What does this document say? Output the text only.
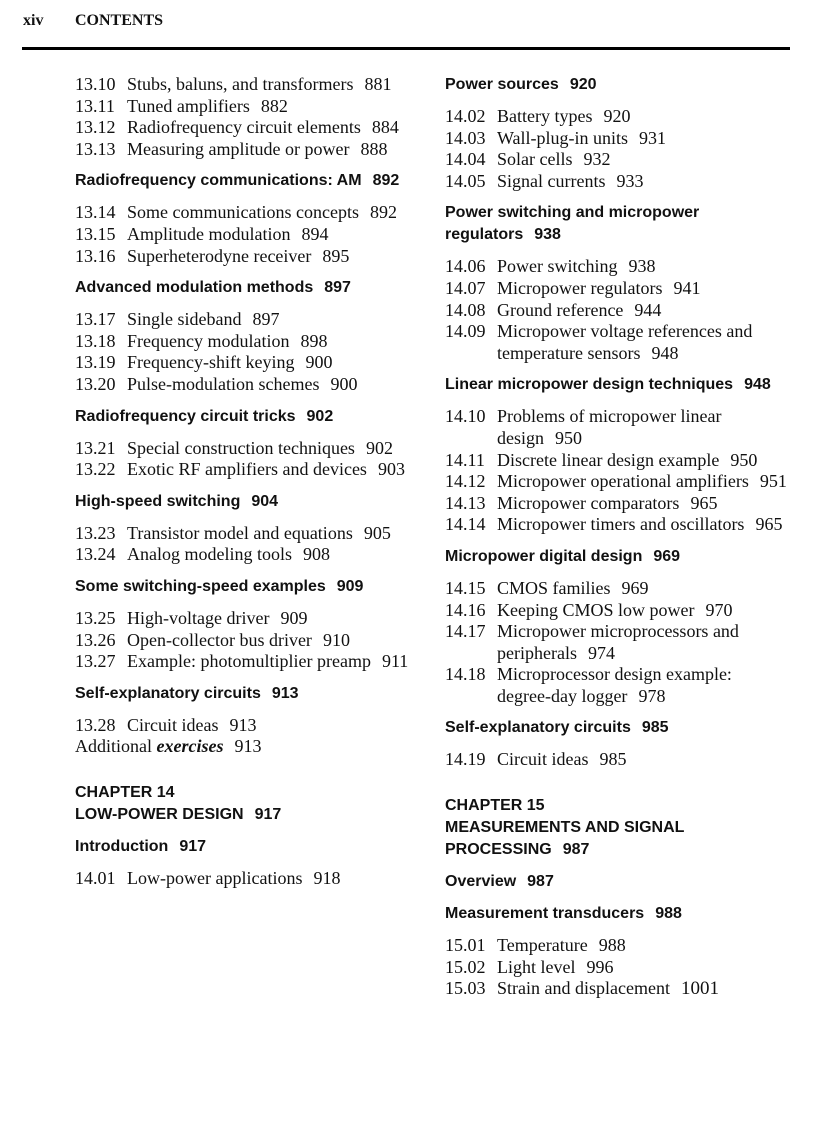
xiv CONTENTS

13.10 Stubs, baluns, and transformers 881

13.11 Tuned amplifiers 882

13.12 Radiofrequency circuit elements 884

13.13 Measuring amplitude or power 888

Radiofrequency communications: AM 892

13.14 Some communications concepts 892

13.15 Amplitude modulation 894

13.16 Superheterodyne receiver 895

Advanced modulation methods 897

13.17 Single sideband 897

13.18 Frequency modulation 898

13.19 Frequency-shift keying 900

13.20 Pulse-modulation schemes 900

Radiofrequency circuit tricks 902

13.21 Special construction techniques 902

13.22 Exotic RF amplifiers and devices 903

High-speed switching 904

13.23 Transistor model and equations 905

13.24 Analog modeling tools 908

Some switching-speed examples 909

13.25 High-voltage driver 909

13.26 Open-collector bus driver 910

13.27 Example: photomultiplier preamp 911

Self-explanatory circuits 913

13.28 Circuit ideas 913

Additional exercises 913

CHAPTER 14
LOW-POWER DESIGN 917
Introduction 917

14.01 Low-power applications 918

Power sources 920

14.02 Battery types 920

14.03 Wall-plug-in units 931

14.04 Solar cells 932

14.05 Signal currents 933

Power switching and micropower regulators 938

14.06 Power switching 938

14.07 Micropower regulators 941

14.08 Ground reference 944

14.09 Micropower voltage references and temperature sensors 948

Linear micropower design techniques 948

14.10 Problems of micropower linear design 950

14.11 Discrete linear design example 950

14.12 Micropower operational amplifiers 951

14.13 Micropower comparators 965

14.14 Micropower timers and oscillators 965

Micropower digital design 969

14.15 CMOS families 969

14.16 Keeping CMOS low power 970

14.17 Micropower microprocessors and peripherals 974

14.18 Microprocessor design example: degree-day logger 978

Self-explanatory circuits 985

14.19 Circuit ideas 985

CHAPTER 15
MEASUREMENTS AND SIGNAL PROCESSING 987
Overview 987
Measurement transducers 988

15.01 Temperature 988

15.02 Light level 996

15.03 Strain and displacement 1001
